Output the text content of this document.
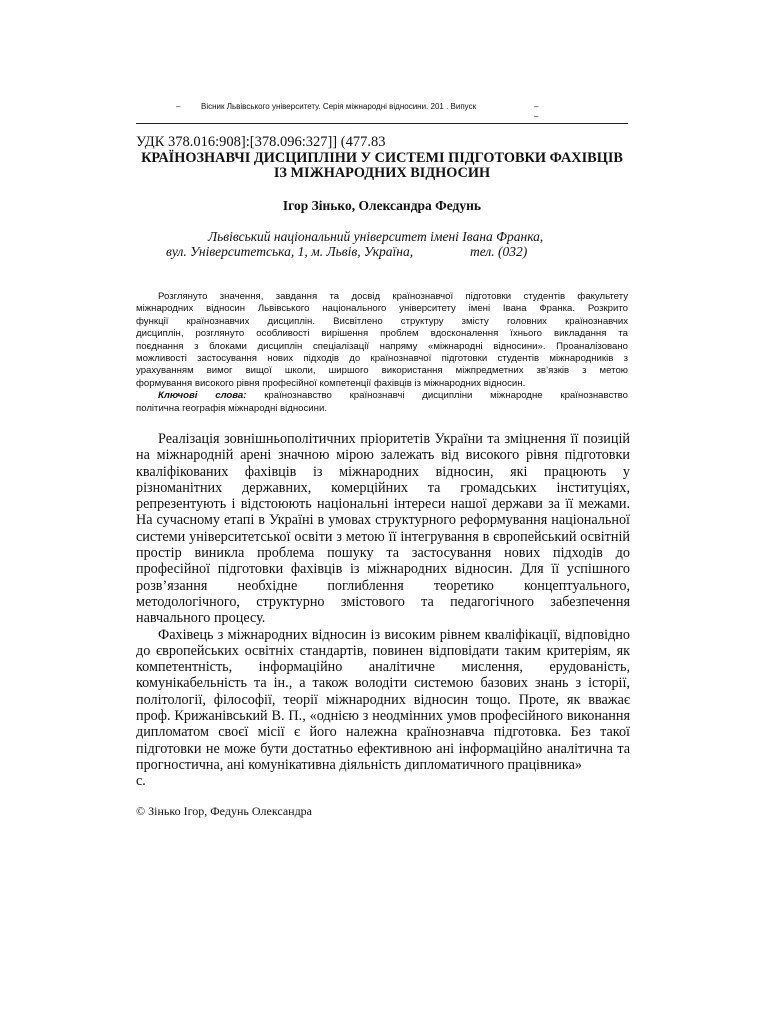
–	Вісник Львівського університету. Серія міжнародні відносини. 201 . Випуск	–
–
УДК 378.016:908]:[378.096:327]] (477.83
КРАЇНОЗНАВЧІ ДИСЦИПЛІНИ У СИСТЕМІ ПІДГОТОВКИ ФАХІВЦІВ
ІЗ МІЖНАРОДНИХ ВІДНОСИН
Ігор Зінько, Олександра Федунь
Львівський національний університет імені Івана Франка,
вул. Університетська, 1, м. Львів, Україна,	тел. (032)

Розглянуто значення, завдання та досвід країнознавчої підготовки студентів факультету

міжнародних відносин Львівського національного університету імені Івана Франка. Розкрито

функції країнознавчих дисциплін. Висвітлено структуру змісту головних країнознавчих

дисциплін, розглянуто особливості вирішення проблем вдосконалення їхнього викладання та

поєднання з блоками дисциплін спеціалізації напряму «міжнародні відносини». Проаналізовано

можливості застосування нових підходів до країнознавчої підготовки студентів міжнародників з

урахуванням вимог вищої школи, ширшого використання міжпредметних зв’язків з метою

формування високого рівня професійної компетенції фахівців із міжнародних відносин.

Ключові слова: країнознавство країнознавчі дисципліни міжнародне країнознавство

політична географія міжнародні відносини.

Реалізація зовнішньополітичних пріоритетів України та зміцнення її позицій

на міжнародній арені значною мірою залежать від високого рівня підготовки

кваліфікованих фахівців із міжнародних відносин, які працюють у

різноманітних державних, комерційних та громадських інституціях,

репрезентують і відстоюють національні інтереси нашої держави за її межами.

На сучасному етапі в Україні в умовах структурного реформування національної

системи університетської освіти з метою її інтегрування в європейський освітній

простір виникла проблема пошуку та застосування нових підходів до

професійної підготовки фахівців із міжнародних відносин. Для її успішного

розв’язання необхідне поглиблення теоретико концептуального,

методологічного, структурно змістового та педагогічного забезпечення

навчального процесу.

Фахівець з міжнародних відносин із високим рівнем кваліфікації, відповідно

до європейських освітніх стандартів, повинен відповідати таким критеріям, як

компетентність, інформаційно аналітичне мислення, ерудованість,

комунікабельність та ін., а також володіти системою базових знань з історії,

політології, філософії, теорії міжнародних відносин тощо. Проте, як вважає

проф. Крижанівський В. П., «однією з неодмінних умов професійного виконання

дипломатом своєї місії є його належна країнознавча підготовка. Без такої

підготовки не може бути достатньо ефективною ані інформаційно аналітична та

прогностична, ані комунікативна діяльність дипломатичного працівника»

с.

© Зінько Ігор, Федунь Олександра
